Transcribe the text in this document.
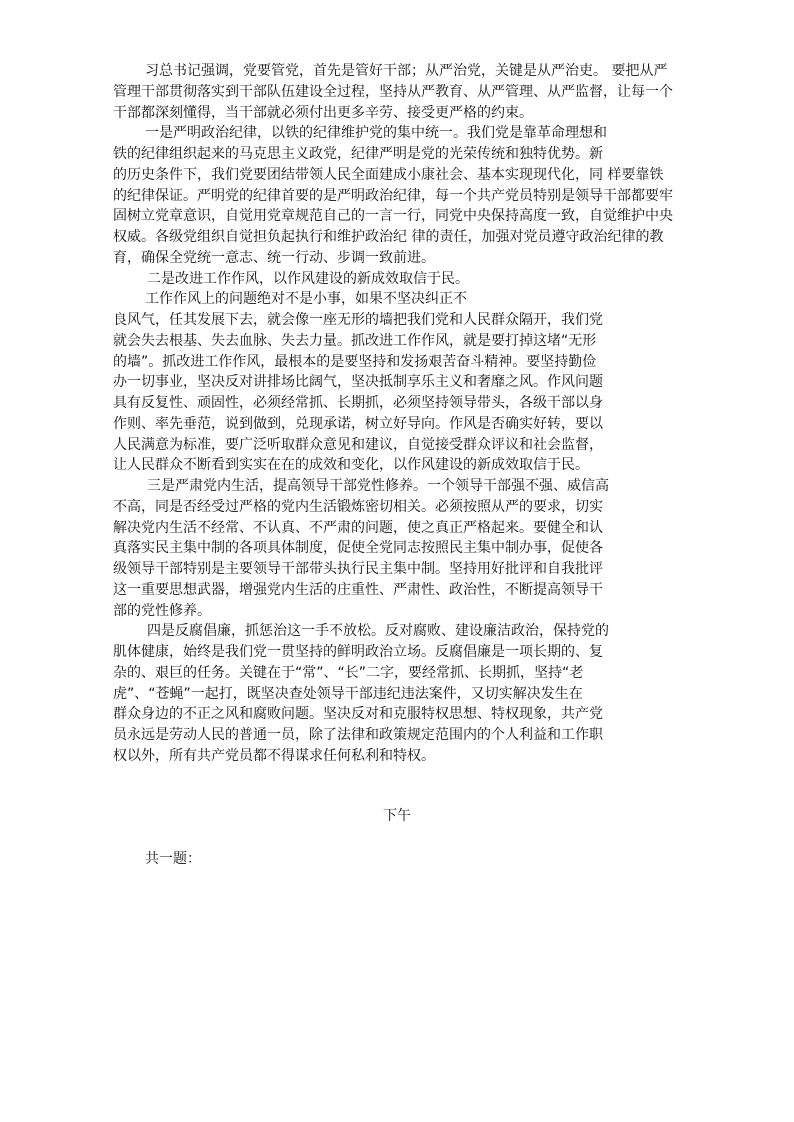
习总书记强调，党要管党，首先是管好干部；从严治党，关键是从严治吏。 要把从严
管理干部贯彻落实到干部队伍建设全过程，坚持从严教育、从严管理、从严监督，让每一个
干部都深刻懂得，当干部就必须付出更多辛劳、接受更严格的约束。
一是严明政治纪律，以铁的纪律维护党的集中统一。我们党是靠革命理想和
铁的纪律组织起来的马克思主义政党，纪律严明是党的光荣传统和独特优势。新
的历史条件下，我们党要团结带领人民全面建成小康社会、基本实现现代化，同 样要靠铁
的纪律保证。严明党的纪律首要的是严明政治纪律，每一个共产党员特别是领导干部都要牢
固树立党章意识，自觉用党章规范自己的一言一行，同党中央保持高度一致，自觉维护中央
权威。各级党组织自觉担负起执行和维护政治纪 律的责任，加强对党员遵守政治纪律的教
育，确保全党统一意志、统一行动、步调一致前进。
二是改进工作作风，以作风建设的新成效取信于民。
工作作风上的问题绝对不是小事，如果不坚决纠正不
良风气，任其发展下去，就会像一座无形的墙把我们党和人民群众隔开，我们党
就会失去根基、失去血脉、失去力量。抓改进工作作风，就是要打掉这堵“无形
的墙”。抓改进工作作风，最根本的是要坚持和发扬艰苦奋斗精神。要坚持勤俭
办一切事业，坚决反对讲排场比阔气，坚决抵制享乐主义和奢靡之风。作风问题
具有反复性、顽固性，必须经常抓、长期抓，必须坚持领导带头，各级干部以身
作则、率先垂范，说到做到，兑现承诺，树立好导向。作风是否确实好转，要以
人民满意为标准，要广泛听取群众意见和建议，自觉接受群众评议和社会监督，
让人民群众不断看到实实在在的成效和变化，以作风建设的新成效取信于民。
三是严肃党内生活，提高领导干部党性修养。一个领导干部强不强、威信高
不高，同是否经受过严格的党内生活锻炼密切相关。必须按照从严的要求，切实
解决党内生活不经常、不认真、不严肃的问题，使之真正严格起来。要健全和认
真落实民主集中制的各项具体制度，促使全党同志按照民主集中制办事，促使各
级领导干部特别是主要领导干部带头执行民主集中制。坚持用好批评和自我批评
这一重要思想武器，增强党内生活的庄重性、严肃性、政治性，不断提高领导干
部的党性修养。
四是反腐倡廉，抓惩治这一手不放松。反对腐败、建设廉洁政治，保持党的
肌体健康，始终是我们党一贯坚持的鲜明政治立场。反腐倡廉是一项长期的、复
杂的、艰巨的任务。关键在于“常”、“长”二字，要经常抓、长期抓，坚持“老
虎”、“苍蝇”一起打，既坚决查处领导干部违纪违法案件，又切实解决发生在
群众身边的不正之风和腐败问题。坚决反对和克服特权思想、特权现象，共产党
员永远是劳动人民的普通一员，除了法律和政策规定范围内的个人利益和工作职
权以外，所有共产党员都不得谋求任何私利和特权。
下午
共一题：
